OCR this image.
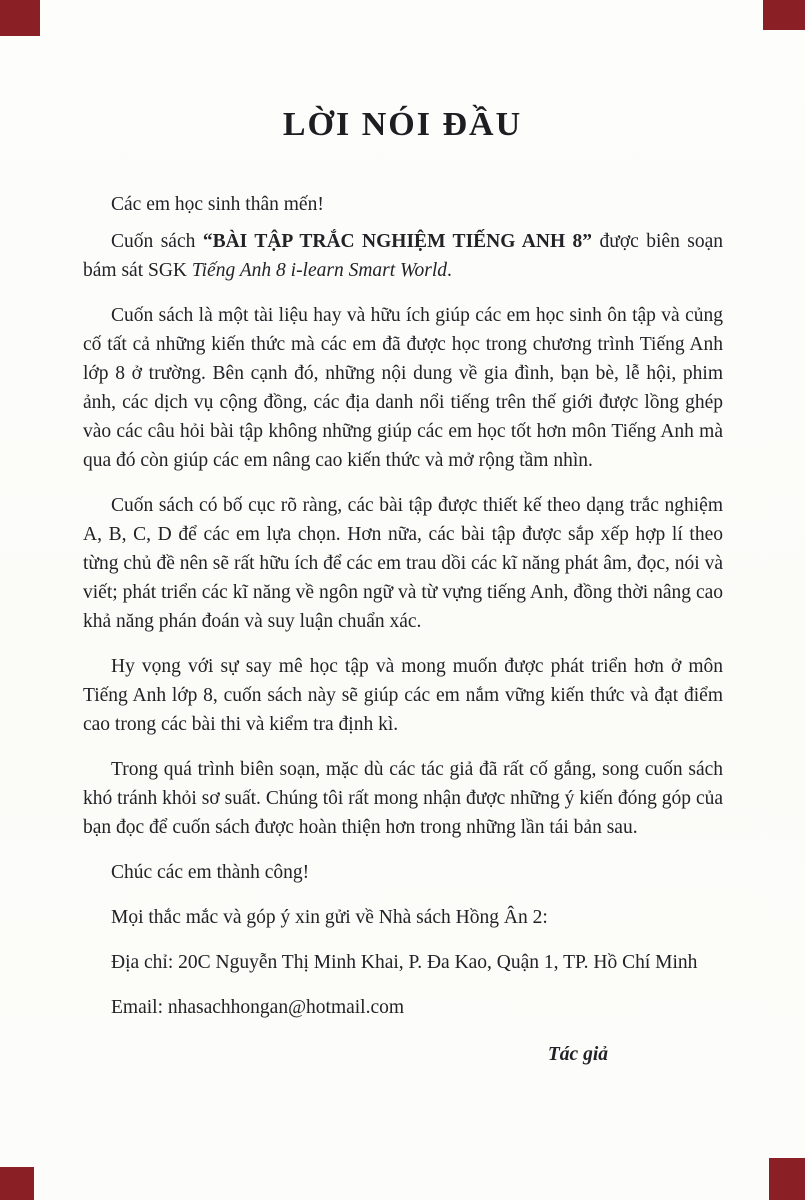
LỜI NÓI ĐẦU

Các em học sinh thân mến!

Cuốn sách “BÀI TẬP TRẮC NGHIỆM TIẾNG ANH 8” được biên soạn bám sát SGK Tiếng Anh 8 i-learn Smart World.

Cuốn sách là một tài liệu hay và hữu ích giúp các em học sinh ôn tập và củng cố tất cả những kiến thức mà các em đã được học trong chương trình Tiếng Anh lớp 8 ở trường. Bên cạnh đó, những nội dung về gia đình, bạn bè, lễ hội, phim ảnh, các dịch vụ cộng đồng, các địa danh nổi tiếng trên thế giới được lồng ghép vào các câu hỏi bài tập không những giúp các em học tốt hơn môn Tiếng Anh mà qua đó còn giúp các em nâng cao kiến thức và mở rộng tầm nhìn.

Cuốn sách có bố cục rõ ràng, các bài tập được thiết kế theo dạng trắc nghiệm A, B, C, D để các em lựa chọn. Hơn nữa, các bài tập được sắp xếp hợp lí theo từng chủ đề nên sẽ rất hữu ích để các em trau dồi các kĩ năng phát âm, đọc, nói và viết; phát triển các kĩ năng về ngôn ngữ và từ vựng tiếng Anh, đồng thời nâng cao khả năng phán đoán và suy luận chuẩn xác.

Hy vọng với sự say mê học tập và mong muốn được phát triển hơn ở môn Tiếng Anh lớp 8, cuốn sách này sẽ giúp các em nắm vững kiến thức và đạt điểm cao trong các bài thi và kiểm tra định kì.

Trong quá trình biên soạn, mặc dù các tác giả đã rất cố gắng, song cuốn sách khó tránh khỏi sơ suất. Chúng tôi rất mong nhận được những ý kiến đóng góp của bạn đọc để cuốn sách được hoàn thiện hơn trong những lần tái bản sau.

Chúc các em thành công!

Mọi thắc mắc và góp ý xin gửi về Nhà sách Hồng Ân 2:

Địa chỉ: 20C Nguyễn Thị Minh Khai, P. Đa Kao, Quận 1, TP. Hồ Chí Minh

Email: nhasachhongan@hotmail.com

Tác giả
